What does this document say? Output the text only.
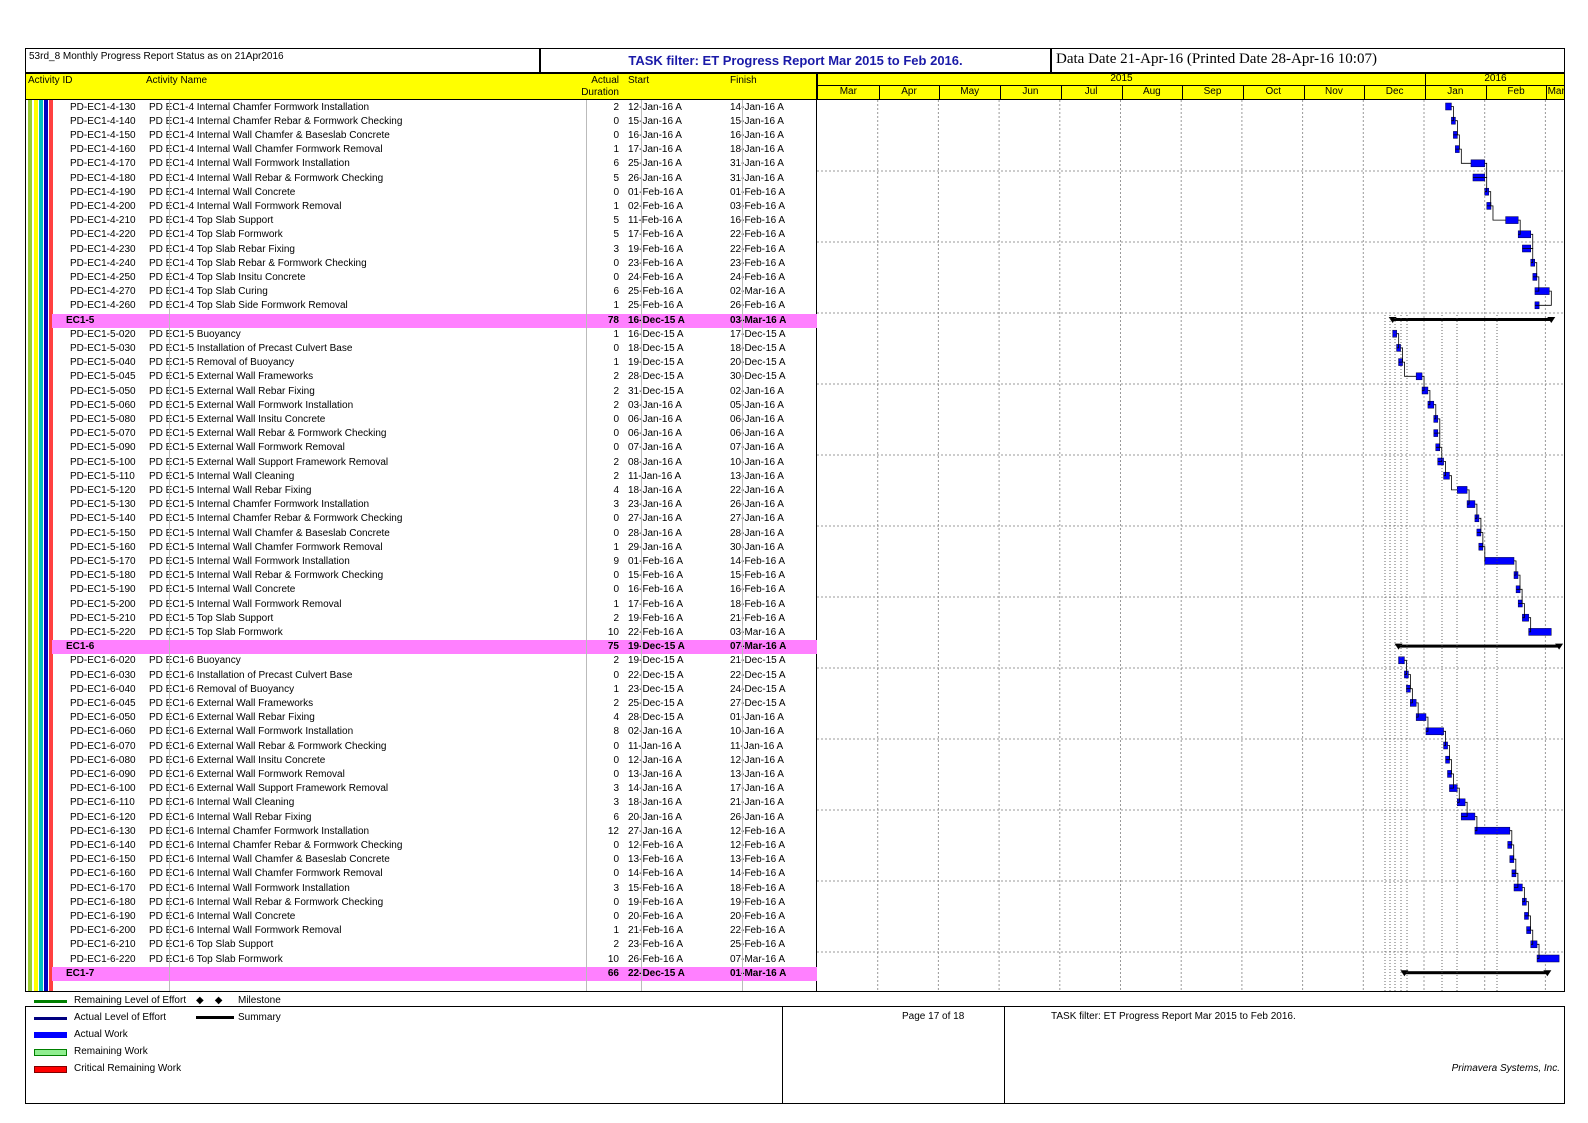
53rd_8 Monthly Progress Report Status as on 21Apr2016	TASK filter: ET Progress Report Mar 2015 to Feb 2016.	Data Date 21-Apr-16 (Printed Date 28-Apr-16 10:07)
Activity ID	Activity Name	Actual
Duration
Start	Finish	2015	2016
Mar	Apr	May	Jun	Jul	Aug	Sep	Oct	Nov	Dec	Jan	Feb	Mar
PD-EC1-4-130 PD EC1-4 Internal Chamfer Formwork Installation	2 12-Jan-16 A	14-Jan-16 A
PD-EC1-4-140 PD EC1-4 Internal Chamfer Rebar & Formwork Checking	0 15-Jan-16 A	15-Jan-16 A
PD-EC1-4-150 PD EC1-4 Internal Wall Chamfer & Baseslab Concrete	0 16-Jan-16 A	16-Jan-16 A
PD-EC1-4-160 PD EC1-4 Internal Wall Chamfer Formwork Removal	1 17-Jan-16 A	18-Jan-16 A
PD-EC1-4-170 PD EC1-4 Internal Wall Formwork Installation	6 25-Jan-16 A	31-Jan-16 A
PD-EC1-4-180 PD EC1-4 Internal Wall Rebar & Formwork Checking	5 26-Jan-16 A	31-Jan-16 A
PD-EC1-4-190 PD EC1-4 Internal Wall Concrete	0 01-Feb-16 A	01-Feb-16 A
PD-EC1-4-200 PD EC1-4 Internal Wall Formwork Removal	1 02-Feb-16 A	03-Feb-16 A
PD-EC1-4-210 PD EC1-4 Top Slab Support	5 11-Feb-16 A	16-Feb-16 A
PD-EC1-4-220 PD EC1-4 Top Slab Formwork	5 17-Feb-16 A	22-Feb-16 A
PD-EC1-4-230 PD EC1-4 Top Slab Rebar Fixing	3 19-Feb-16 A	22-Feb-16 A
PD-EC1-4-240 PD EC1-4 Top Slab Rebar & Formwork Checking	0 23-Feb-16 A	23-Feb-16 A
PD-EC1-4-250 PD EC1-4 Top Slab Insitu Concrete	0 24-Feb-16 A	24-Feb-16 A
PD-EC1-4-270 PD EC1-4 Top Slab Curing	6 25-Feb-16 A	02-Mar-16 A
PD-EC1-4-260 PD EC1-4 Top Slab Side Formwork Removal	1 25-Feb-16 A	26-Feb-16 A
EC1-5	78 16-Dec-15 A	03-Mar-16 A
PD-EC1-5-020 PD EC1-5 Buoyancy	1 16-Dec-15 A	17-Dec-15 A
PD-EC1-5-030 PD EC1-5 Installation of Precast Culvert Base	0 18-Dec-15 A	18-Dec-15 A
PD-EC1-5-040 PD EC1-5 Removal of Buoyancy	1 19-Dec-15 A	20-Dec-15 A
PD-EC1-5-045 PD EC1-5 External Wall Frameworks	2 28-Dec-15 A	30-Dec-15 A
PD-EC1-5-050 PD EC1-5 External Wall Rebar Fixing	2 31-Dec-15 A	02-Jan-16 A
PD-EC1-5-060 PD EC1-5 External Wall Formwork Installation	2 03-Jan-16 A	05-Jan-16 A
PD-EC1-5-080 PD EC1-5 External Wall Insitu Concrete	0 06-Jan-16 A	06-Jan-16 A
PD-EC1-5-070 PD EC1-5 External Wall Rebar & Formwork Checking	0 06-Jan-16 A	06-Jan-16 A
PD-EC1-5-090 PD EC1-5 External Wall Formwork Removal	0 07-Jan-16 A	07-Jan-16 A
PD-EC1-5-100 PD EC1-5 External Wall Support Framework Removal	2 08-Jan-16 A	10-Jan-16 A
PD-EC1-5-110 PD EC1-5 Internal Wall Cleaning	2 11-Jan-16 A	13-Jan-16 A
PD-EC1-5-120 PD EC1-5 Internal Wall Rebar Fixing	4 18-Jan-16 A	22-Jan-16 A
PD-EC1-5-130 PD EC1-5 Internal Chamfer Formwork Installation	3 23-Jan-16 A	26-Jan-16 A
PD-EC1-5-140 PD EC1-5 Internal Chamfer Rebar & Formwork Checking	0 27-Jan-16 A	27-Jan-16 A
PD-EC1-5-150 PD EC1-5 Internal Wall Chamfer & Baseslab Concrete	0 28-Jan-16 A	28-Jan-16 A
PD-EC1-5-160 PD EC1-5 Internal Wall Chamfer Formwork Removal	1 29-Jan-16 A	30-Jan-16 A
PD-EC1-5-170 PD EC1-5 Internal Wall Formwork Installation	9 01-Feb-16 A	14-Feb-16 A
PD-EC1-5-180 PD EC1-5 Internal Wall Rebar & Formwork Checking	0 15-Feb-16 A	15-Feb-16 A
PD-EC1-5-190 PD EC1-5 Internal Wall Concrete	0 16-Feb-16 A	16-Feb-16 A
PD-EC1-5-200 PD EC1-5 Internal Wall Formwork Removal	1 17-Feb-16 A	18-Feb-16 A
PD-EC1-5-210 PD EC1-5 Top Slab Support	2 19-Feb-16 A	21-Feb-16 A
PD-EC1-5-220 PD EC1-5 Top Slab Formwork	10 22-Feb-16 A	03-Mar-16 A
EC1-6	75 19-Dec-15 A	07-Mar-16 A
PD-EC1-6-020 PD EC1-6 Buoyancy	2 19-Dec-15 A	21-Dec-15 A
PD-EC1-6-030 PD EC1-6 Installation of Precast Culvert Base	0 22-Dec-15 A	22-Dec-15 A
PD-EC1-6-040 PD EC1-6 Removal of Buoyancy	1 23-Dec-15 A	24-Dec-15 A
PD-EC1-6-045 PD EC1-6 External Wall Frameworks	2 25-Dec-15 A	27-Dec-15 A
PD-EC1-6-050 PD EC1-6 External Wall Rebar Fixing	4 28-Dec-15 A	01-Jan-16 A
PD-EC1-6-060 PD EC1-6 External Wall Formwork Installation	8 02-Jan-16 A	10-Jan-16 A
PD-EC1-6-070 PD EC1-6 External Wall Rebar & Formwork Checking	0 11-Jan-16 A	11-Jan-16 A
PD-EC1-6-080 PD EC1-6 External Wall Insitu Concrete	0 12-Jan-16 A	12-Jan-16 A
PD-EC1-6-090 PD EC1-6 External Wall Formwork Removal	0 13-Jan-16 A	13-Jan-16 A
PD-EC1-6-100 PD EC1-6 External Wall Support Framework Removal	3 14-Jan-16 A	17-Jan-16 A
PD-EC1-6-110 PD EC1-6 Internal Wall Cleaning	3 18-Jan-16 A	21-Jan-16 A
PD-EC1-6-120 PD EC1-6 Internal Wall Rebar Fixing	6 20-Jan-16 A	26-Jan-16 A
PD-EC1-6-130 PD EC1-6 Internal Chamfer Formwork Installation	12 27-Jan-16 A	12-Feb-16 A
PD-EC1-6-140 PD EC1-6 Internal Chamfer Rebar & Formwork Checking	0 12-Feb-16 A	12-Feb-16 A
PD-EC1-6-150 PD EC1-6 Internal Wall Chamfer & Baseslab Concrete	0 13-Feb-16 A	13-Feb-16 A
PD-EC1-6-160 PD EC1-6 Internal Wall Chamfer Formwork Removal	0 14-Feb-16 A	14-Feb-16 A
PD-EC1-6-170 PD EC1-6 Internal Wall Formwork Installation	3 15-Feb-16 A	18-Feb-16 A
PD-EC1-6-180 PD EC1-6 Internal Wall Rebar & Formwork Checking	0 19-Feb-16 A	19-Feb-16 A
PD-EC1-6-190 PD EC1-6 Internal Wall Concrete	0 20-Feb-16 A	20-Feb-16 A
PD-EC1-6-200 PD EC1-6 Internal Wall Formwork Removal	1 21-Feb-16 A	22-Feb-16 A
PD-EC1-6-210 PD EC1-6 Top Slab Support	2 23-Feb-16 A	25-Feb-16 A
PD-EC1-6-220 PD EC1-6 Top Slab Formwork	10 26-Feb-16 A	07-Mar-16 A
EC1-7	66 22-Dec-15 A	01-Mar-16 A
Remaining Level of Effort ◆    ◆ Milestone
Actual Level of Effort	Summary
Actual Work
Remaining Work
Critical Remaining Work
Page 17 of 18	TASK filter: ET Progress Report Mar 2015 to Feb 2016.
Primavera Systems, Inc.
